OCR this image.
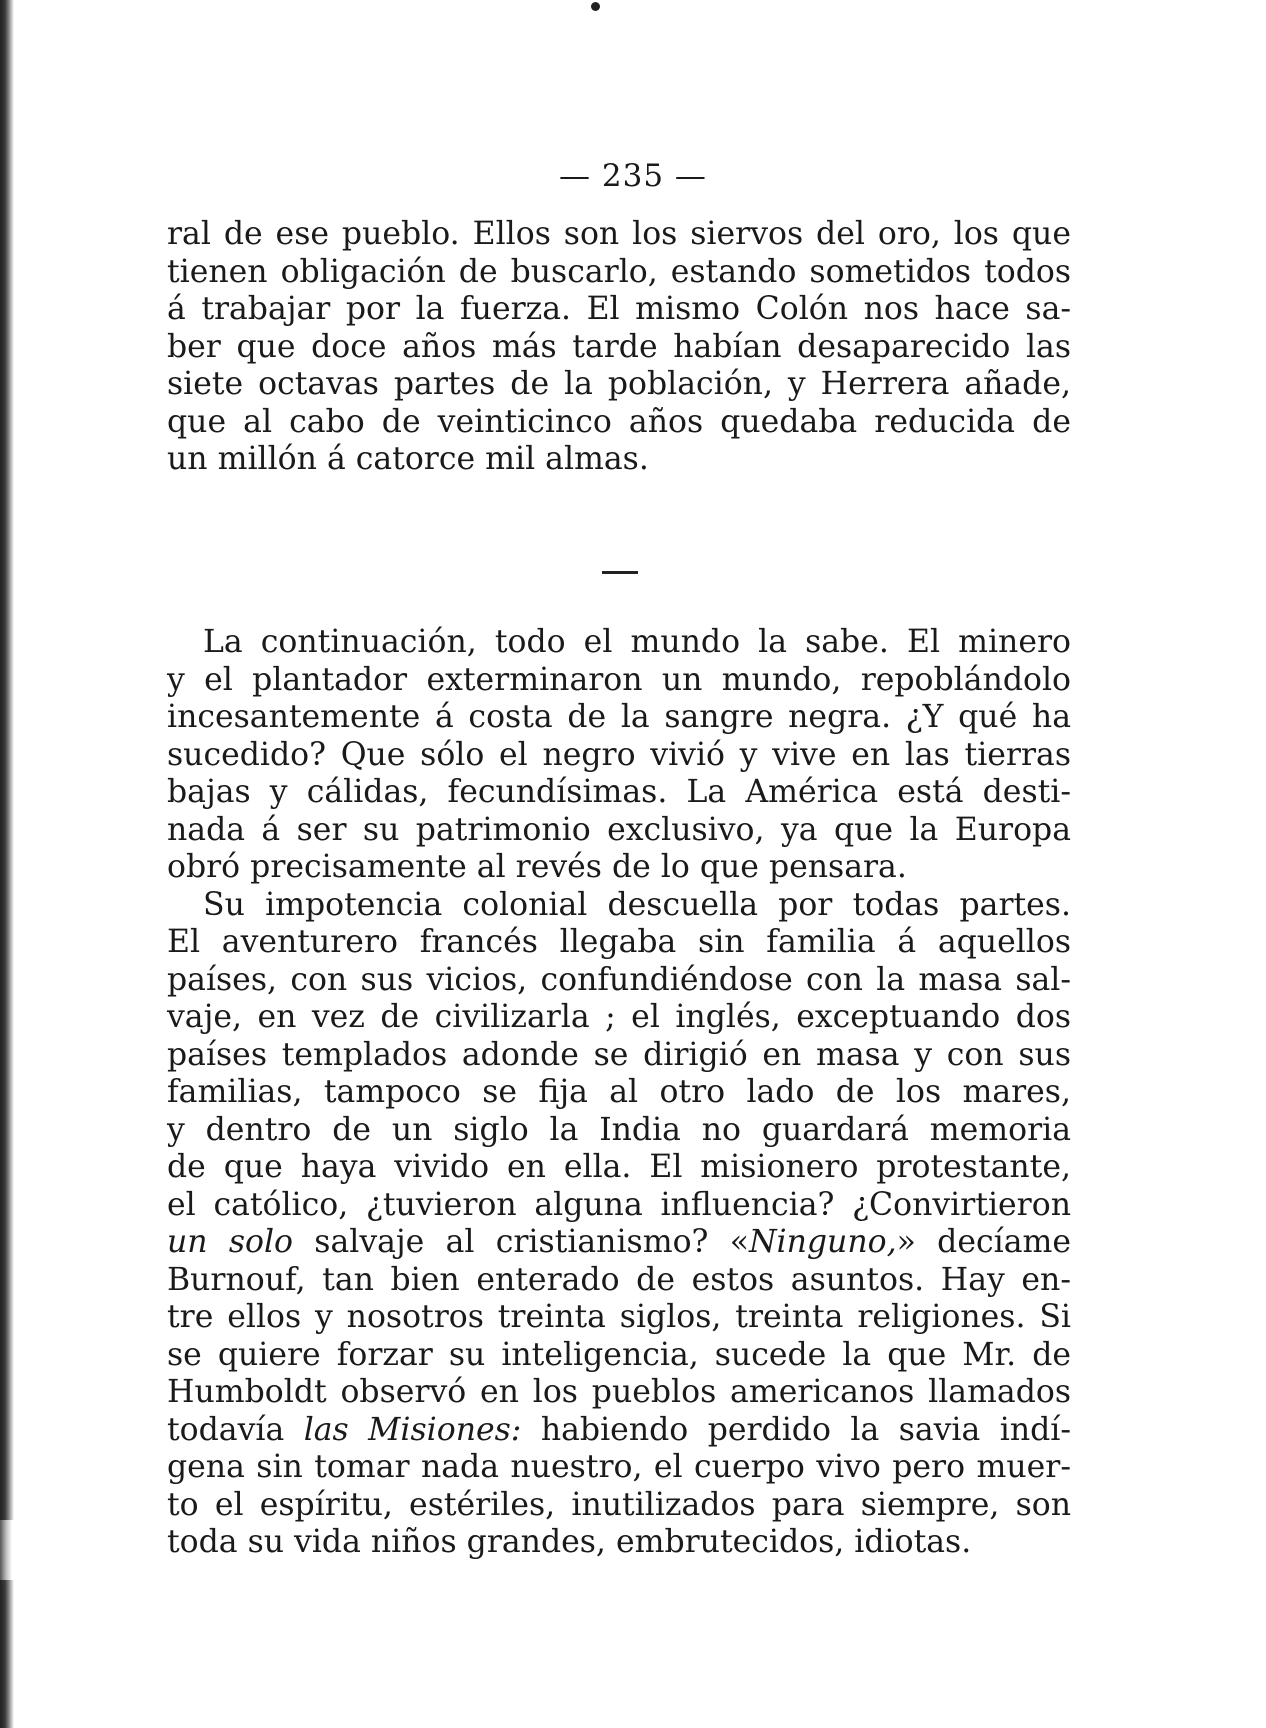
— 235 —
ral de ese pueblo. Ellos son los siervos del oro, los que
tienen obligación de buscarlo, estando sometidos todos
á trabajar por la fuerza. El mismo Colón nos hace sa-
ber que doce años más tarde habían desaparecido las
siete octavas partes de la población, y Herrera añade,
que al cabo de veinticinco años quedaba reducida de
un millón á catorce mil almas.
La continuación, todo el mundo la sabe. El minero
y el plantador exterminaron un mundo, repoblándolo
incesantemente á costa de la sangre negra. ¿Y qué ha
sucedido? Que sólo el negro vivió y vive en las tierras
bajas y cálidas, fecundísimas. La América está desti-
nada á ser su patrimonio exclusivo, ya que la Europa
obró precisamente al revés de lo que pensara.
Su impotencia colonial descuella por todas partes.
El aventurero francés llegaba sin familia á aquellos
países, con sus vicios, confundiéndose con la masa sal-
vaje, en vez de civilizarla ; el inglés, exceptuando dos
países templados adonde se dirigió en masa y con sus
familias, tampoco se fija al otro lado de los mares,
y dentro de un siglo la India no guardará memoria
de que haya vivido en ella. El misionero protestante,
el católico, ¿tuvieron alguna influencia? ¿Convirtieron
un solo salvaje al cristianismo? «Ninguno,» decíame
Burnouf, tan bien enterado de estos asuntos. Hay en-
tre ellos y nosotros treinta siglos, treinta religiones. Si
se quiere forzar su inteligencia, sucede la que Mr. de
Humboldt observó en los pueblos americanos llamados
todavía las Misiones: habiendo perdido la savia indí-
gena sin tomar nada nuestro, el cuerpo vivo pero muer-
to el espíritu, estériles, inutilizados para siempre, son
toda su vida niños grandes, embrutecidos, idiotas.
